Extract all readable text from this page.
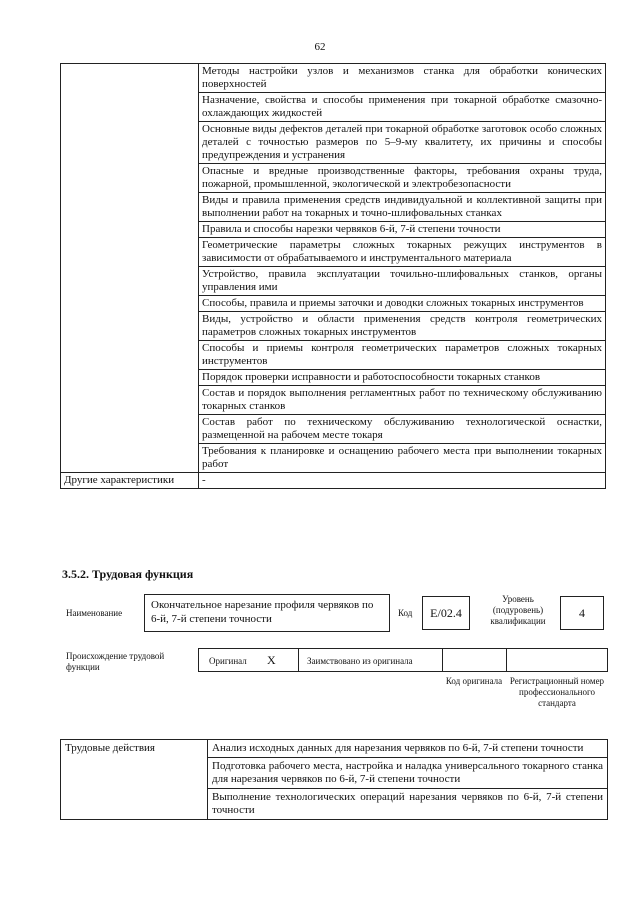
62
	Методы настройки узлов и механизмов станка для обработки конических поверхностей
	Назначение, свойства и способы применения при токарной обработке смазочно-охлаждающих жидкостей
	Основные виды дефектов деталей при токарной обработке заготовок особо сложных деталей с точностью размеров по 5–9-му квалитету, их причины и способы предупреждения и устранения
	Опасные и вредные производственные факторы, требования охраны труда, пожарной, промышленной, экологической и электробезопасности
	Виды и правила применения средств индивидуальной и коллективной защиты при выполнении работ на токарных и точно-шлифовальных станках
	Правила и способы нарезки червяков 6-й, 7-й степени точности
	Геометрические параметры сложных токарных режущих инструментов в зависимости от обрабатываемого и инструментального материала
	Устройство, правила эксплуатации точильно-шлифовальных станков, органы управления ими
	Способы, правила и приемы заточки и доводки сложных токарных инструментов
	Виды, устройство и области применения средств контроля геометрических параметров сложных токарных инструментов
	Способы и приемы контроля геометрических параметров сложных токарных инструментов
	Порядок проверки исправности и работоспособности токарных станков
	Состав и порядок выполнения регламентных работ по техническому обслуживанию токарных станков
	Состав работ по техническому обслуживанию технологической оснастки, размещенной на рабочем месте токаря
	Требования к планировке и оснащению рабочего места при выполнении токарных работ
Другие характеристики	-
3.5.2. Трудовая функция
Наименование
Окончательное нарезание профиля червяков по 6-й, 7-й степени точности	Код	E/02.4
Уровень (подуровень) квалификации
4
Происхождение трудовой функции
Оригинал X	Заимствовано из оригинала
Код оригинала Регистрационный номер профессионального стандарта
Трудовые действия	Анализ исходных данных для нарезания червяков по 6-й, 7-й степени точности
Подготовка рабочего места, настройка и наладка универсального токарного станка для нарезания червяков по 6-й, 7-й степени точности
Выполнение технологических операций нарезания червяков по 6-й, 7-й степени точности
